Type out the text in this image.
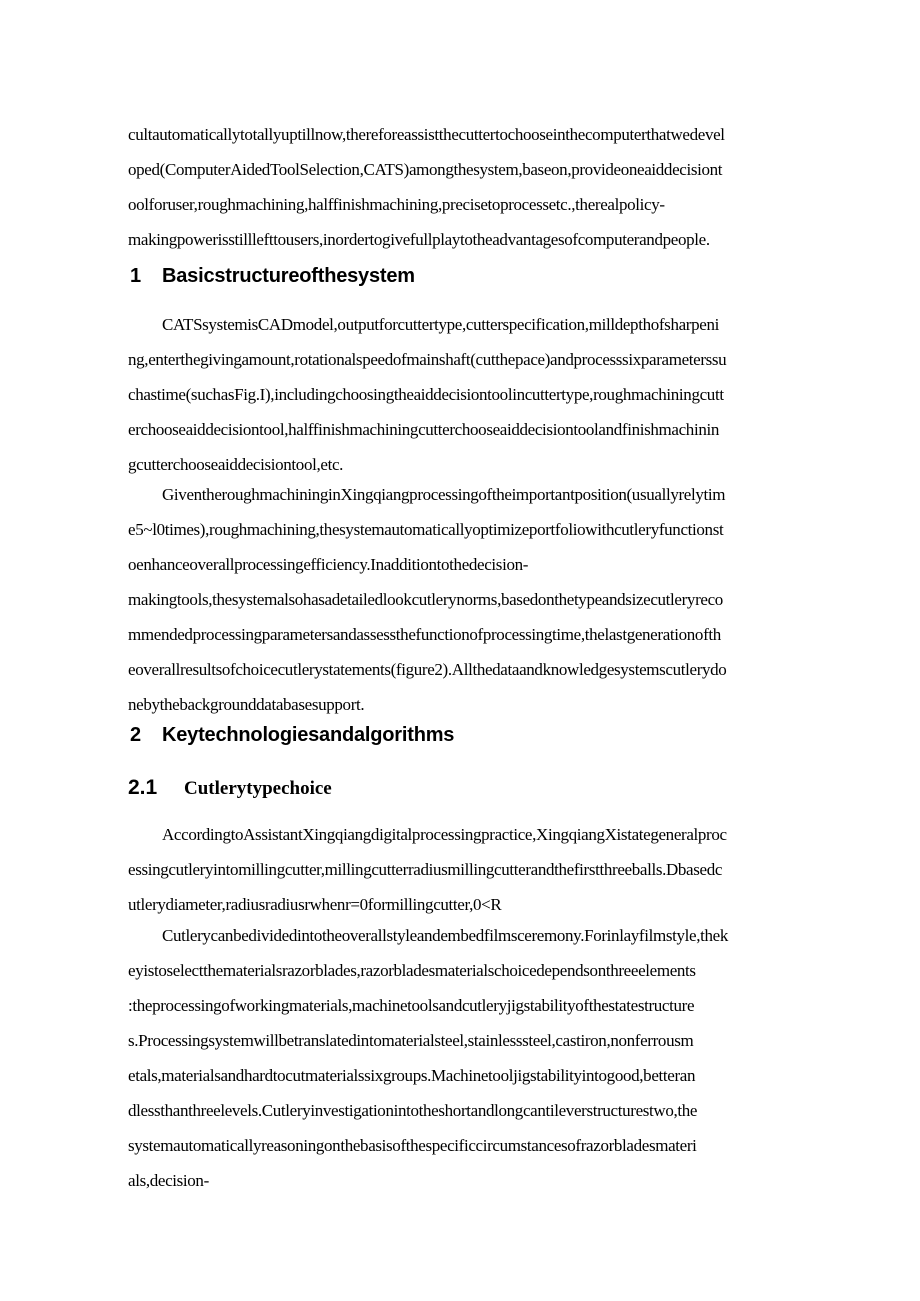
cultautomaticallytotallyuptillnow,thereforeassistthecuttertochooseinthecomputerthatwedevel
oped(ComputerAidedToolSelection,CATS)amongthesystem,baseon,provideoneaiddecisiont
oolforuser,roughmachining,halffinishmachining,precisetoprocessetc.,therealpolicy-
makingpowerisstilllefttousers,inordertogivefullplaytotheadvantagesofcomputerandpeople.
1 Basicstructureofthesystem
CATSsystemisCADmodel,outputforcuttertype,cutterspecification,milldepthofsharpeni
ng,enterthegivingamount,rotationalspeedofmainshaft(cutthepace)andprocesssixparameterssu
chastime(suchasFig.I),includingchoosingtheaiddecisiontoolincuttertype,roughmachiningcutt
erchooseaiddecisiontool,halffinishmachiningcutterchooseaiddecisiontoolandfinishmachinin
gcutterchooseaiddecisiontool,etc.
GiventheroughmachininginXingqiangprocessingoftheimportantposition(usuallyrelytim
e5~l0times),roughmachining,thesystemautomaticallyoptimizeportfoliowithcutleryfunctionst
oenhanceoverallprocessingefficiency.Inadditiontothedecision-
makingtools,thesystemalsohasadetailedlookcutlerynorms,basedonthetypeandsizecutleryreco
mmendedprocessingparametersandassessthefunctionofprocessingtime,thelastgenerationofth
eoverallresultsofchoicecutlerystatements(figure2).Allthedataandknowledgesystemscutlerydo
nebythebackgrounddatabasesupport.
2 Keytechnologiesandalgorithms
2.1 Cutlerytypechoice
AccordingtoAssistantXingqiangdigitalprocessingpractice,XingqiangXistategeneralproc
essingcutleryintomillingcutter,millingcutterradiusmillingcutterandthefirstthreeballs.Dbasedc
utlerydiameter,radiusradiusrwhenr=0formillingcutter,0<R
Cutlerycanbedividedintotheoverallstyleandembedfilmsceremony.Forinlayfilmstyle,thek
eyistoselectthematerialsrazorblades,razorbladesmaterialschoicedependsonthreeelements
:theprocessingofworkingmaterials,machinetoolsandcutleryjigstabilityofthestatestructure
s.Processingsystemwillbetranslatedintomaterialsteel,stainlesssteel,castiron,nonferrousm
etals,materialsandhardtocutmaterialssixgroups.Machinetooljigstabilityintogood,betteran
dlessthanthreelevels.Cutleryinvestigationintotheshortandlongcantileverstructurestwo,the
systemautomaticallyreasoningonthebasisofthespecificcircumstancesofrazorbladesmateri
als,decision-
